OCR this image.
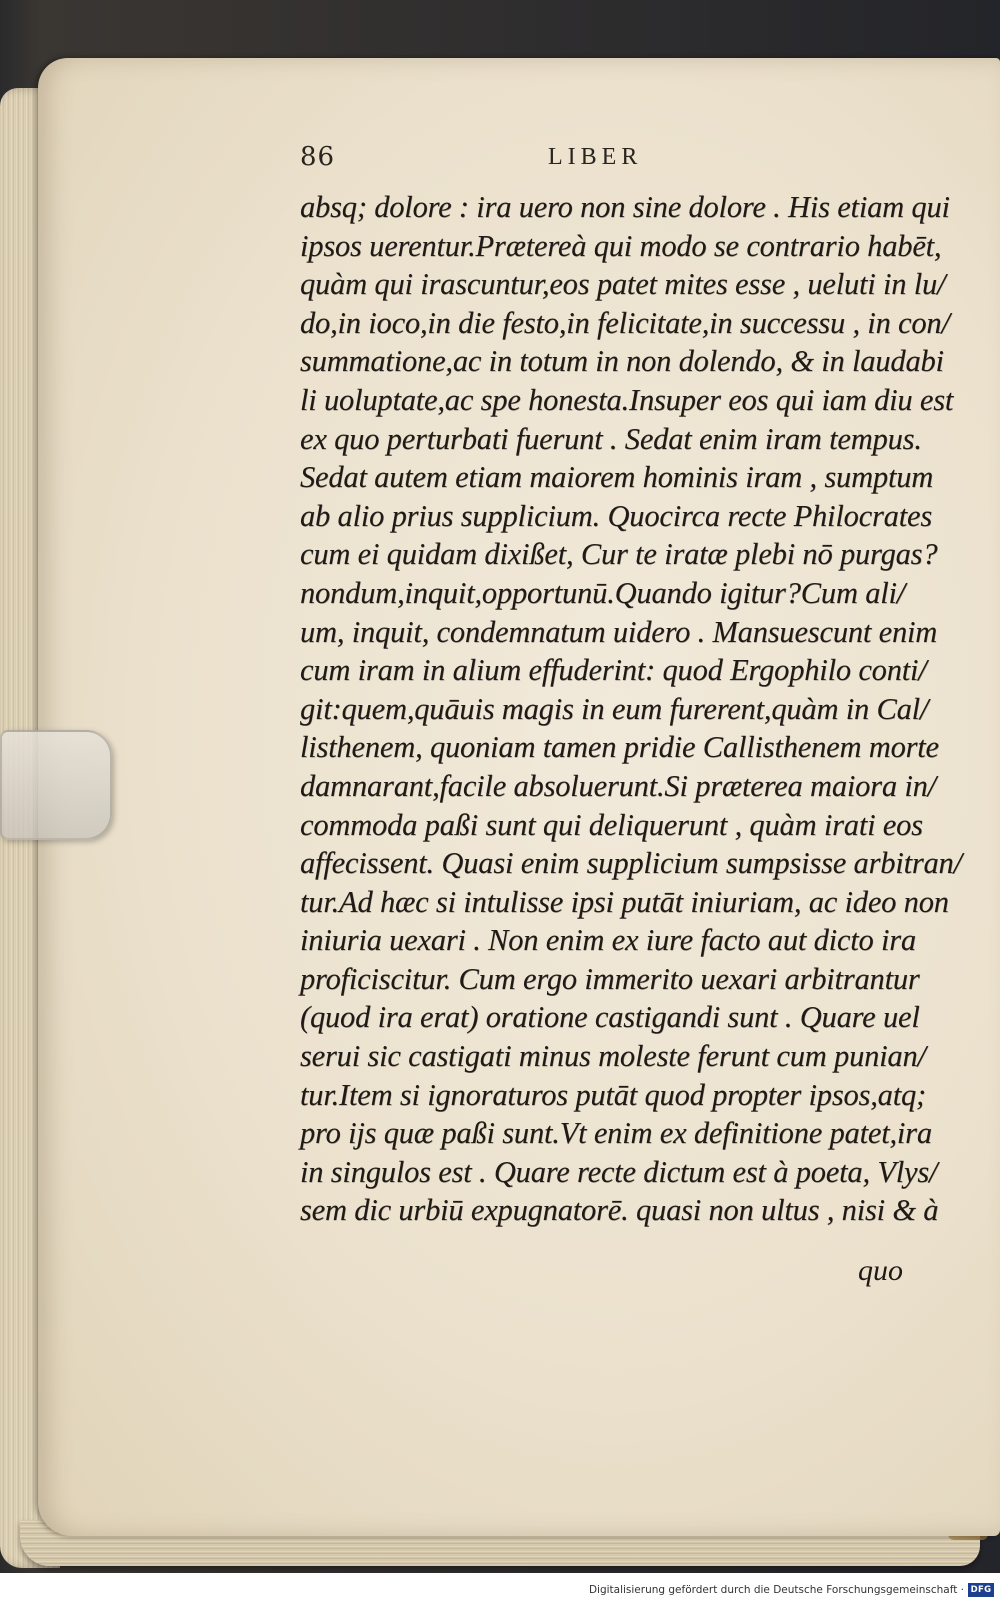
86	LIBER
absq; dolore : ira uero non sine dolore . His etiam qui
ipsos uerentur.Prætereà qui modo se contrario habēt,
quàm qui irascuntur,eos patet mites esse , ueluti in lu/
do,in ioco,in die festo,in felicitate,in successu , in con/
summatione,ac in totum in non dolendo, & in laudabi
li uoluptate,ac spe honesta.Insuper eos qui iam diu est
ex quo perturbati fuerunt . Sedat enim iram tempus.
Sedat autem etiam maiorem hominis iram , sumptum
ab alio prius supplicium. Quocirca recte Philocrates
cum ei quidam dixißet, Cur te iratæ plebi nō purgas?
nondum,inquit,opportunū.Quando igitur?Cum ali/
um, inquit, condemnatum uidero . Mansuescunt enim
cum iram in alium effuderint: quod Ergophilo conti/
git:quem,quāuis magis in eum furerent,quàm in Cal/
listhenem, quoniam tamen pridie Callisthenem morte
damnarant,facile absoluerunt.Si præterea maiora in/
commoda paßi sunt qui deliquerunt , quàm irati eos
affecissent. Quasi enim supplicium sumpsisse arbitran/
tur.Ad hæc si intulisse ipsi putāt iniuriam, ac ideo non
iniuria uexari . Non enim ex iure facto aut dicto ira
proficiscitur. Cum ergo immerito uexari arbitrantur
(quod ira erat) oratione castigandi sunt . Quare uel
serui sic castigati minus moleste ferunt cum punian/
tur.Item si ignoraturos putāt quod propter ipsos,atq;
pro ijs quæ paßi sunt.Vt enim ex definitione patet,ira
in singulos est . Quare recte dictum est à poeta, Vlys/
sem dic urbiū expugnatorē. quasi non ultus , nisi & à
quo
Digitalisierung gefördert durch die Deutsche Forschungsgemeinschaft · DFG
